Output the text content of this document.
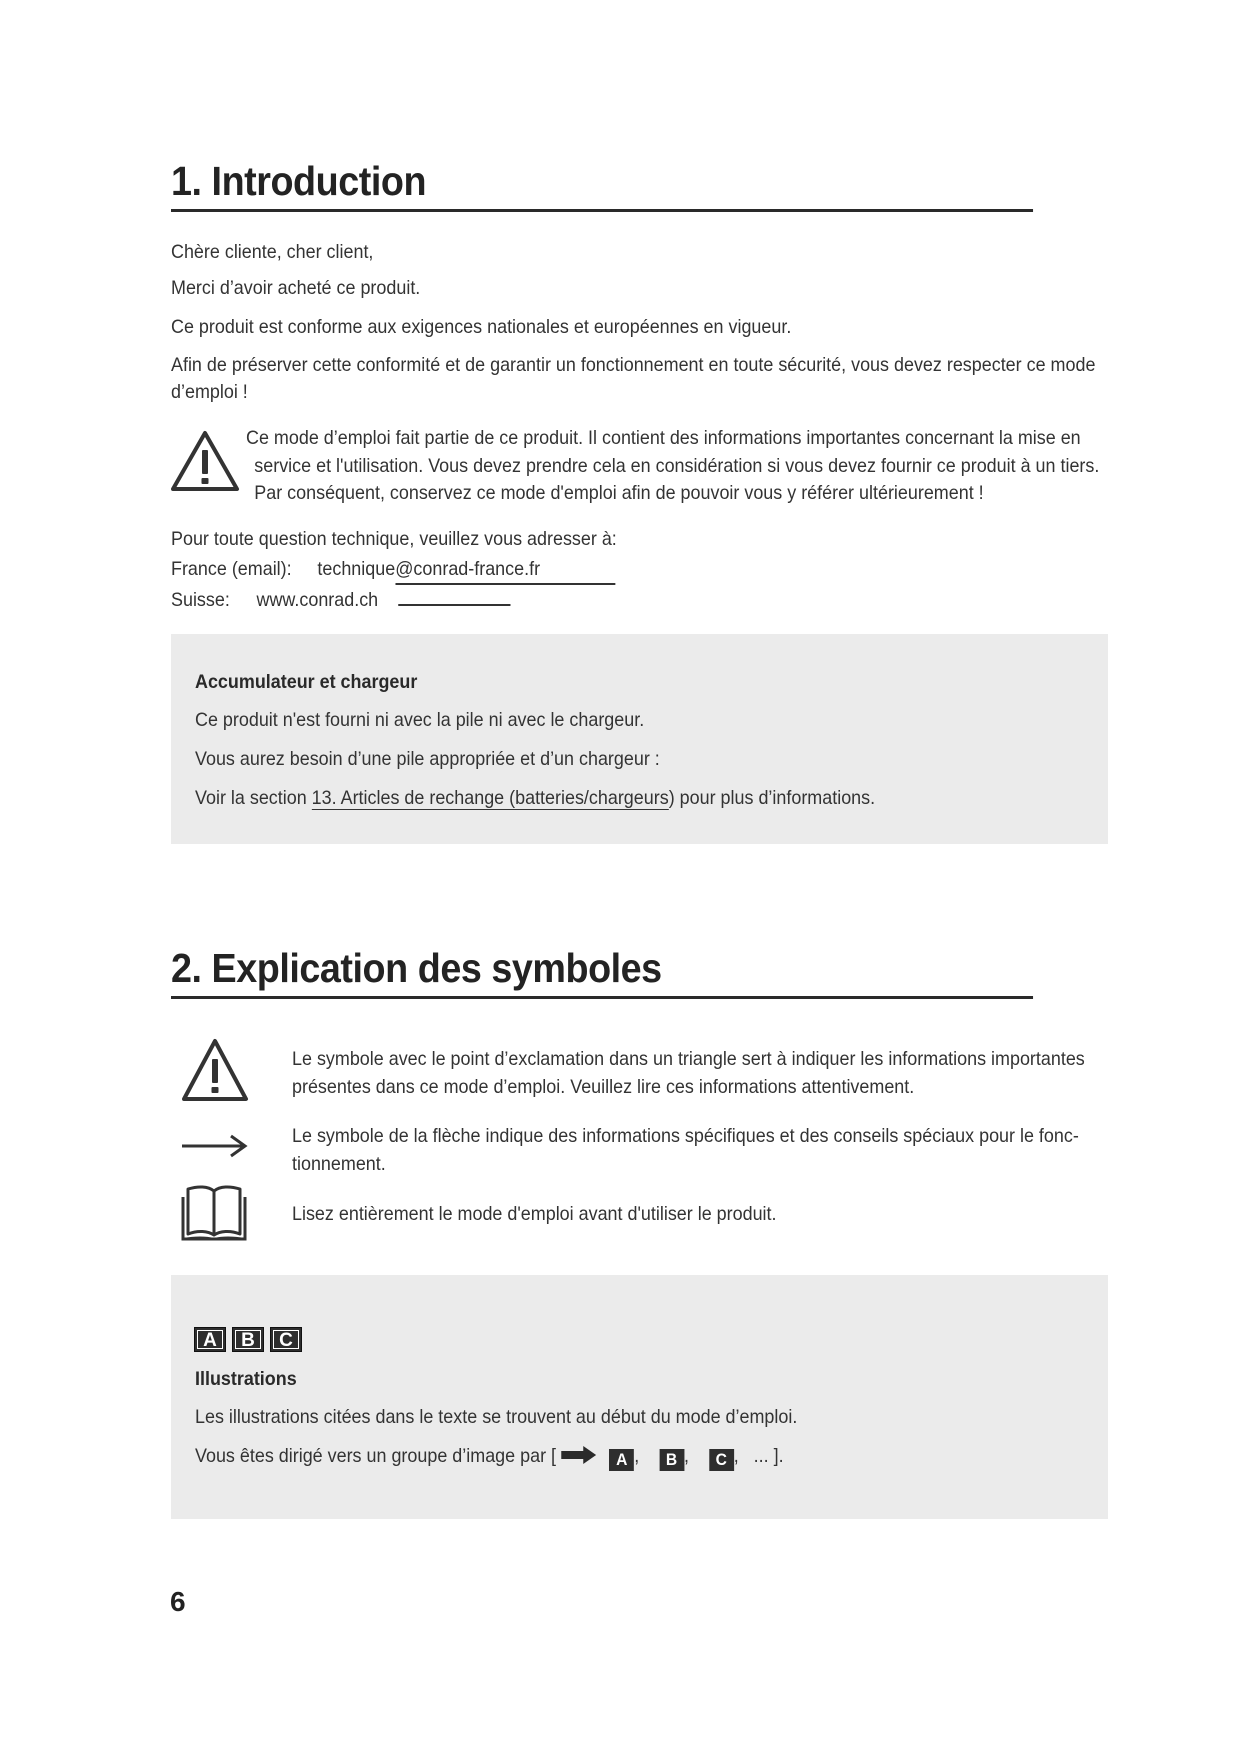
1. Introduction
Chère cliente, cher client,
Merci d’avoir acheté ce produit.
Ce produit est conforme aux exigences nationales et européennes en vigueur.
Afin de préserver cette conformité et de garantir un fonctionnement en toute sécurité, vous devez respecter ce mode
d’emploi !
Ce mode d’emploi fait partie de ce produit. Il contient des informations importantes concernant la mise en
service et l'utilisation. Vous devez prendre cela en considération si vous devez fournir ce produit à un tiers.
Par conséquent, conservez ce mode d'emploi afin de pouvoir vous y référer ultérieurement !
Pour toute question technique, veuillez vous adresser à:
France (email): technique@conrad-france.fr
Suisse: www.conrad.ch
Accumulateur et chargeur
Ce produit n'est fourni ni avec la pile ni avec le chargeur.
Vous aurez besoin d’une pile appropriée et d’un chargeur :
Voir la section 13. Articles de rechange (batteries/chargeurs) pour plus d’informations.
2. Explication des symboles
Le symbole avec le point d’exclamation dans un triangle sert à indiquer les informations importantes
présentes dans ce mode d’emploi. Veuillez lire ces informations attentivement.
Le symbole de la flèche indique des informations spécifiques et des conseils spéciaux pour le fonc-
tionnement.
Lisez entièrement le mode d'emploi avant d'utiliser le produit.
A B C
Illustrations
Les illustrations citées dans le texte se trouvent au début du mode d’emploi.
Vous êtes dirigé vers un groupe d’image par [	A ,    B ,    C ,   ... ].
6
